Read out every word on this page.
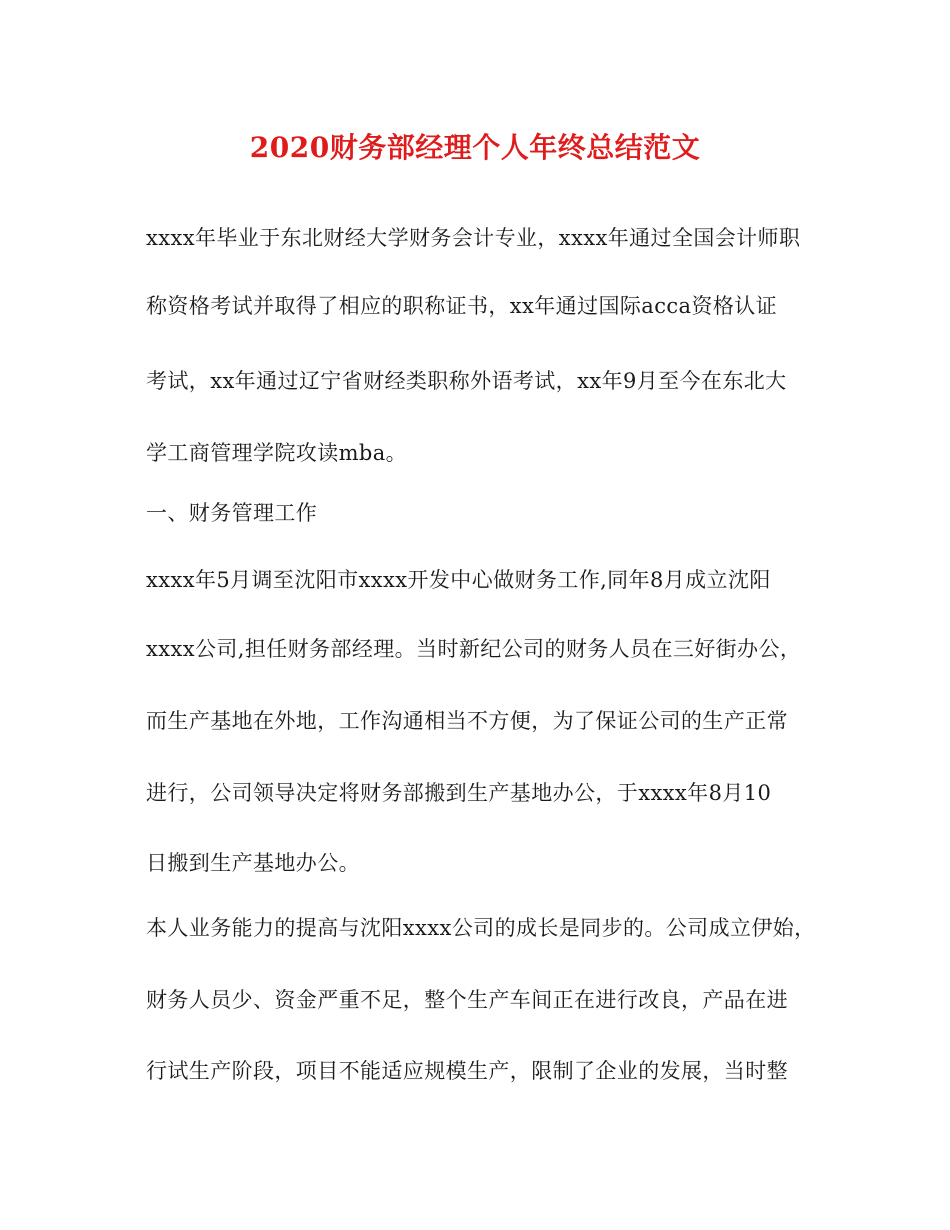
2020财务部经理个人年终总结范文
xxxx年毕业于东北财经大学财务会计专业，xxxx年通过全国会计师职
称资格考试并取得了相应的职称证书，xx年通过国际acca资格认证
考试，xx年通过辽宁省财经类职称外语考试，xx年9月至今在东北大
学工商管理学院攻读mba。
一、财务管理工作
xxxx年5月调至沈阳市xxxx开发中心做财务工作,同年8月成立沈阳
xxxx公司,担任财务部经理。当时新纪公司的财务人员在三好街办公，
而生产基地在外地，工作沟通相当不方便，为了保证公司的生产正常
进行，公司领导决定将财务部搬到生产基地办公，于xxxx年8月10
日搬到生产基地办公。
本人业务能力的提高与沈阳xxxx公司的成长是同步的。公司成立伊始，
财务人员少、资金严重不足，整个生产车间正在进行改良，产品在进
行试生产阶段，项目不能适应规模生产，限制了企业的发展，当时整
